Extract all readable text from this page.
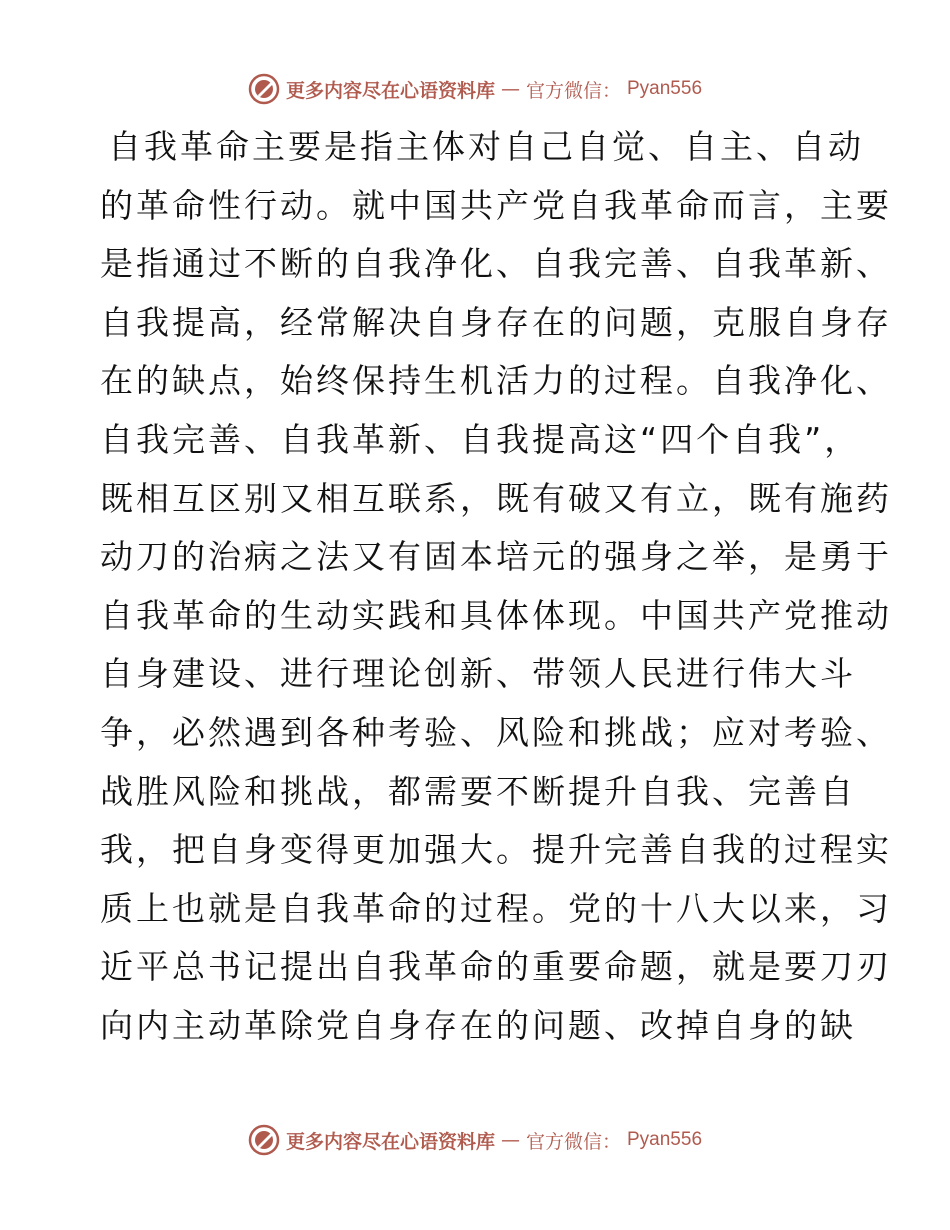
更多内容尽在心语资料库 — 官方微信： Pyan556
自我革命主要是指主体对自己自觉、自主、自动
的革命性行动。就中国共产党自我革命而言，主要
是指通过不断的自我净化、自我完善、自我革新、
自我提高，经常解决自身存在的问题，克服自身存
在的缺点，始终保持生机活力的过程。自我净化、
自我完善、自我革新、自我提高这“四个自我”，
既相互区别又相互联系，既有破又有立，既有施药
动刀的治病之法又有固本培元的强身之举，是勇于
自我革命的生动实践和具体体现。中国共产党推动
自身建设、进行理论创新、带领人民进行伟大斗
争，必然遇到各种考验、风险和挑战；应对考验、
战胜风险和挑战，都需要不断提升自我、完善自
我，把自身变得更加强大。提升完善自我的过程实
质上也就是自我革命的过程。党的十八大以来，习
近平总书记提出自我革命的重要命题，就是要刀刃
向内主动革除党自身存在的问题、改掉自身的缺
更多内容尽在心语资料库 — 官方微信： Pyan556
